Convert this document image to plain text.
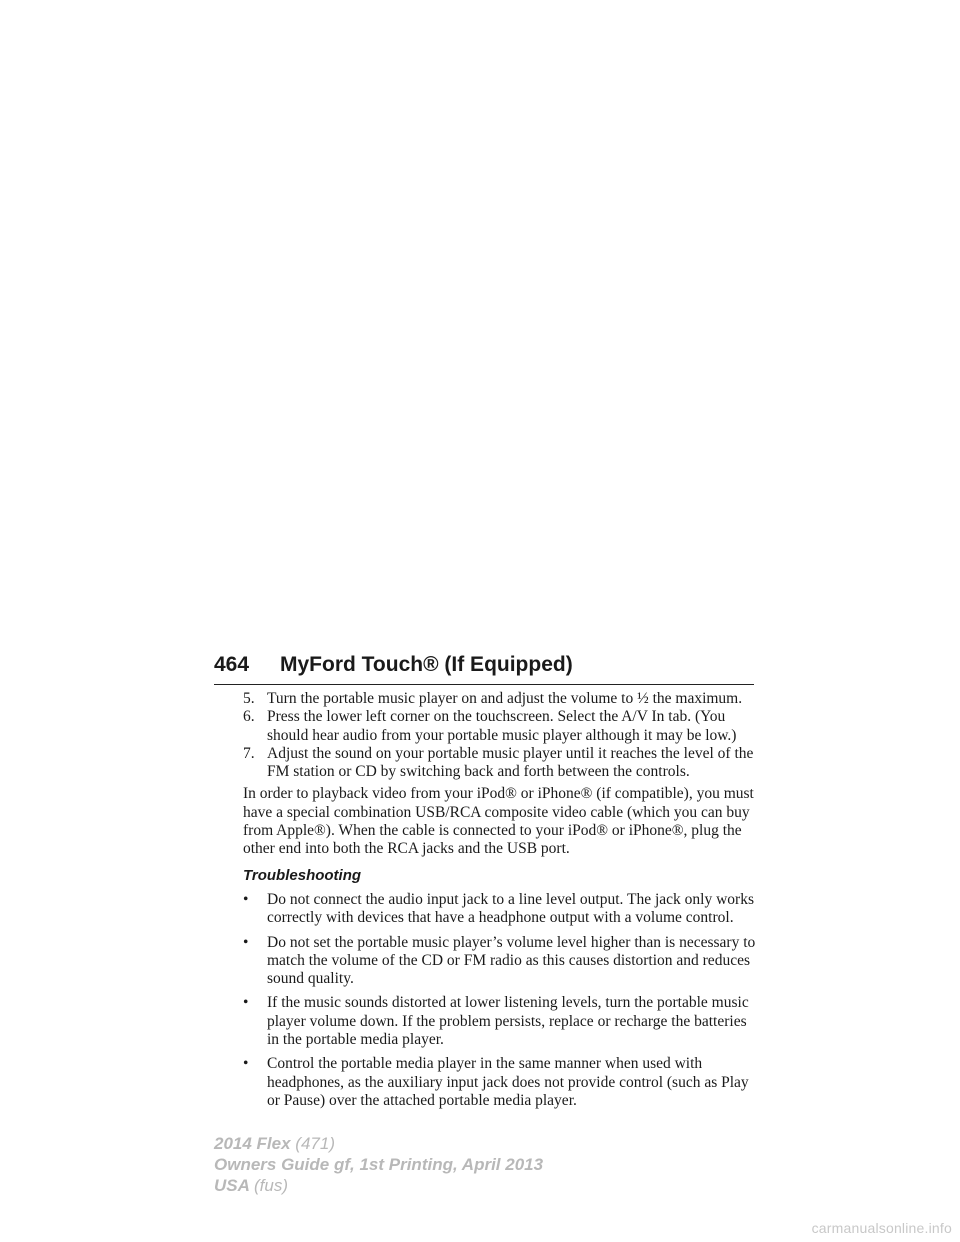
464 MyFord Touch® (If Equipped)
5. Turn the portable music player on and adjust the volume to ½ the maximum.
6. Press the lower left corner on the touchscreen. Select the A/V In tab. (You should hear audio from your portable music player although it may be low.)
7. Adjust the sound on your portable music player until it reaches the level of the FM station or CD by switching back and forth between the controls.

In order to playback video from your iPod® or iPhone® (if compatible), you must have a special combination USB/RCA composite video cable (which you can buy from Apple®). When the cable is connected to your iPod® or iPhone®, plug the other end into both the RCA jacks and the USB port.

Troubleshooting
•	Do not connect the audio input jack to a line level output. The jack only works correctly with devices that have a headphone output with a volume control.
•	Do not set the portable music player’s volume level higher than is necessary to match the volume of the CD or FM radio as this causes distortion and reduces sound quality.
•	If the music sounds distorted at lower listening levels, turn the portable music player volume down. If the problem persists, replace or recharge the batteries in the portable media player.
•	Control the portable media player in the same manner when used with headphones, as the auxiliary input jack does not provide control (such as Play or Pause) over the attached portable media player.
2014 Flex (471)
Owners Guide gf, 1st Printing, April 2013
USA (fus)
carmanualsonline.info
